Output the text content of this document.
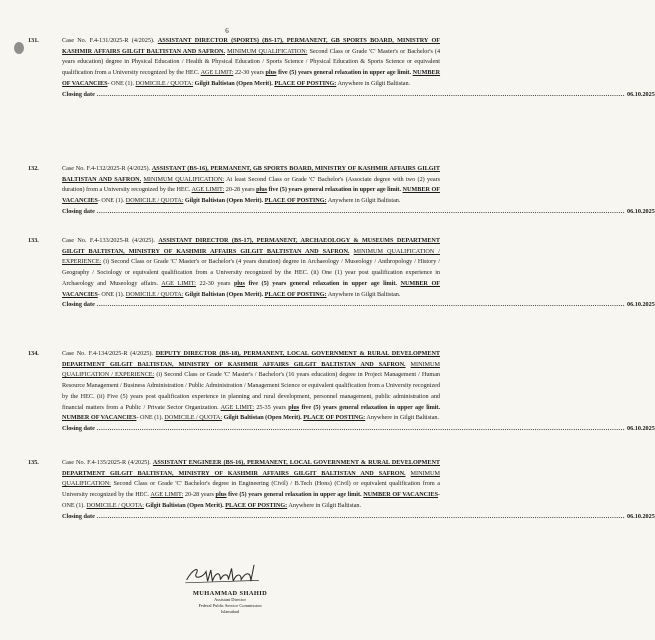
6
131.	Case No. F.4-131/2025-R (4/2025). ASSISTANT DIRECTOR (SPORTS) (BS-17), PERMANENT, GB SPORTS BOARD, MINISTRY OF KASHMIR AFFAIRS GILGIT BALTISTAN AND SAFRON. MINIMUM QUALIFICATION: Second Class or Grade 'C' Master's or Bachelor's (4 years education) degree in Physical Education / Health & Physical Education / Sports Science / Physical Education & Sports Science or equivalent qualification from a University recognized by the HEC. AGE LIMIT: 22-30 years plus five (5) years general relaxation in upper age limit. NUMBER OF VACANCIES- ONE (1). DOMICILE / QUOTA: Gilgit Baltistan (Open Merit). PLACE OF POSTING: Anywhere in Gilgit Baltistan.
Closing date ...................................................................................................................................................................................................................................................... 06.10.2025
132.	Case No. F.4-132/2025-R (4/2025). ASSISTANT (BS-16), PERMANENT, GB SPORTS BOARD, MINISTRY OF KASHMIR AFFAIRS GILGIT BALTISTAN AND SAFRON. MINIMUM QUALIFICATION: At least Second Class or Grade 'C' Bachelor's (Associate degree with two (2) years duration) from a University recognized by the HEC. AGE LIMIT: 20-28 years plus five (5) years general relaxation in upper age limit. NUMBER OF VACANCIES- ONE (1). DOMICILE / QUOTA: Gilgit Baltistan (Open Merit). PLACE OF POSTING: Anywhere in Gilgit Baltistan.
Closing date ...................................................................................................................................................................................................................................................... 06.10.2025
133.	Case No. F.4-133/2025-R (4/2025). ASSISTANT DIRECTOR (BS-17), PERMANENT, ARCHAEOLOGY & MUSEUMS DEPARTMENT GILGIT BALTISTAN, MINISTRY OF KASHMIR AFFAIRS GILGIT BALTISTAN AND SAFRON. MINIMUM QUALIFICATION / EXPERIENCE: (i) Second Class or Grade 'C' Master's or Bachelor's (4 years duration) degree in Archaeology / Museology / Anthropology / History / Geography / Sociology or equivalent qualification from a University recognized by the HEC. (ii) One (1) year post qualification experience in Archaeology and Museology affairs. AGE LIMIT: 22-30 years plus five (5) years general relaxation in upper age limit. NUMBER OF VACANCIES- ONE (1). DOMICILE / QUOTA: Gilgit Baltistan (Open Merit). PLACE OF POSTING: Anywhere in Gilgit Baltistan.
Closing date ...................................................................................................................................................................................................................................................... 06.10.2025
134.	Case No. F.4-134/2025-R (4/2025). DEPUTY DIRECTOR (BS-18), PERMANENT, LOCAL GOVERNMENT & RURAL DEVELOPMENT DEPARTMENT GILGIT BALTISTAN, MINISTRY OF KASHMIR AFFAIRS GILGIT BALTISTAN AND SAFRON. MINIMUM QUALIFICATION / EXPERIENCE: (i) Second Class or Grade 'C' Master's / Bachelor's (16 years education) degree in Project Management / Human Resource Management / Business Administration / Public Administration / Management Science or equivalent qualification from a University recognized by the HEC. (ii) Five (5) years post qualification experience in planning and rural development, personnel management, public administration and financial matters from a Public / Private Sector Organization. AGE LIMIT: 25-35 years plus five (5) years general relaxation in upper age limit. NUMBER OF VACANCIES- ONE (1). DOMICILE / QUOTA: Gilgit Baltistan (Open Merit). PLACE OF POSTING: Anywhere in Gilgit Baltistan.
Closing date ...................................................................................................................................................................................................................................................... 06.10.2025
135.	Case No. F.4-135/2025-R (4/2025). ASSISTANT ENGINEER (BS-16), PERMANENT, LOCAL GOVERNMENT & RURAL DEVELOPMENT DEPARTMENT GILGIT BALTISTAN, MINISTRY OF KASHMIR AFFAIRS GILGIT BALTISTAN AND SAFRON. MINIMUM QUALIFICATION: Second Class or Grade 'C' Bachelor's degree in Engineering (Civil) / B.Tech (Hons) (Civil) or equivalent qualification from a University recognized by the HEC. AGE LIMIT: 20-28 years plus five (5) years general relaxation in upper age limit. NUMBER OF VACANCIES- ONE (1). DOMICILE / QUOTA: Gilgit Baltistan (Open Merit). PLACE OF POSTING: Anywhere in Gilgit Baltistan.
Closing date ...................................................................................................................................................................................................................................................... 06.10.2025
MUHAMMAD SHAHID
Assistant Director
Federal Public Service Commission
Islamabad
